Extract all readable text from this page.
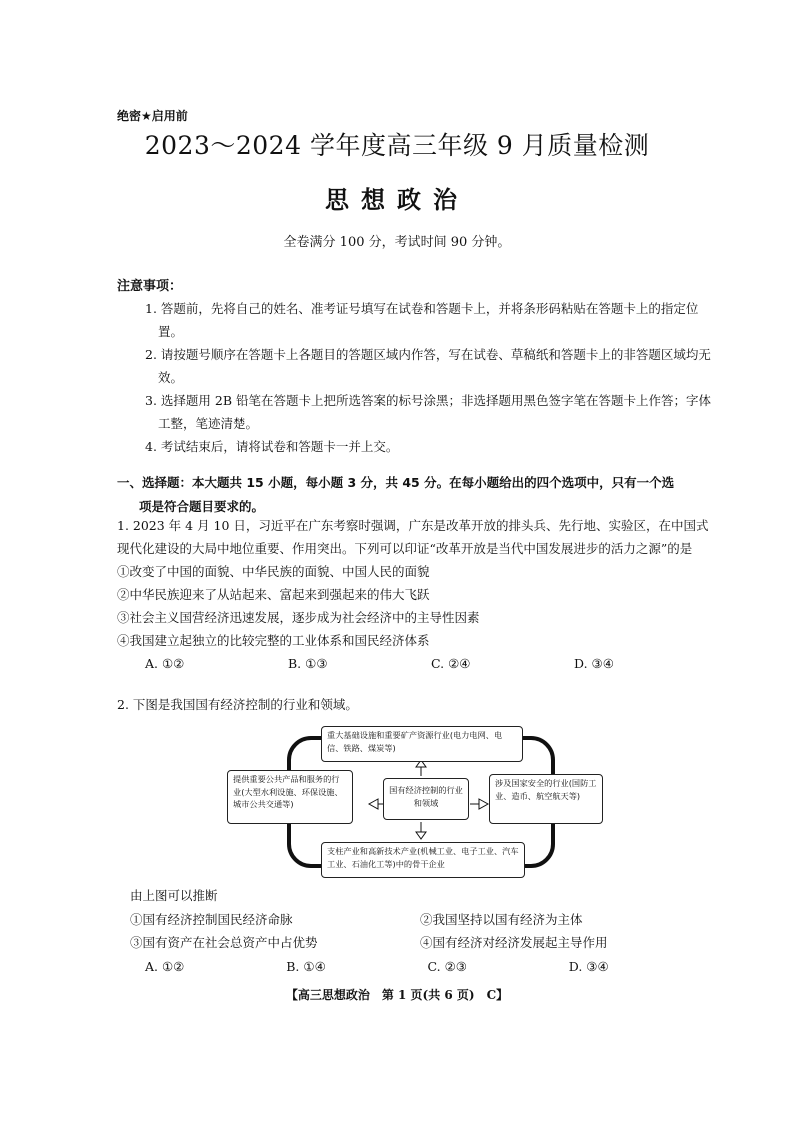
绝密★启用前
2023～2024 学年度高三年级 9 月质量检测
思想政治
全卷满分 100 分，考试时间 90 分钟。
注意事项：
1. 答题前，先将自己的姓名、准考证号填写在试卷和答题卡上，并将条形码粘贴在答题卡上的指定位置。
2. 请按题号顺序在答题卡上各题目的答题区域内作答，写在试卷、草稿纸和答题卡上的非答题区域均无效。
3. 选择题用 2B 铅笔在答题卡上把所选答案的标号涂黑；非选择题用黑色签字笔在答题卡上作答；字体工整，笔迹清楚。
4. 考试结束后，请将试卷和答题卡一并上交。
一、选择题：本大题共 15 小题，每小题 3 分，共 45 分。在每小题给出的四个选项中，只有一个选
项是符合题目要求的。
1. 2023 年 4 月 10 日，习近平在广东考察时强调，广东是改革开放的排头兵、先行地、实验区，在中国式现代化建设的大局中地位重要、作用突出。下列可以印证“改革开放是当代中国发展进步的活力之源”的是
①改变了中国的面貌、中华民族的面貌、中国人民的面貌
②中华民族迎来了从站起来、富起来到强起来的伟大飞跃
③社会主义国营经济迅速发展，逐步成为社会经济中的主导性因素
④我国建立起独立的比较完整的工业体系和国民经济体系
A. ①②	B. ①③	C. ②④	D. ③④
2. 下图是我国国有经济控制的行业和领域。
重大基础设施和重要矿产资源行业(电力电网、电信、铁路、煤炭等)
提供重要公共产品和服务的行业(大型水利设施、环保设施、城市公共交通等)
国有经济控制的行业和领域
涉及国家安全的行业(国防工业、造币、航空航天等)
支柱产业和高新技术产业(机械工业、电子工业、汽车工业、石油化工等)中的骨干企业
由上图可以推断
①国有经济控制国民经济命脉	②我国坚持以国有经济为主体
③国有资产在社会总资产中占优势	④国有经济对经济发展起主导作用
A. ①②	B. ①④	C. ②③	D. ③④
【高三思想政治　第 1 页(共 6 页)　C】
